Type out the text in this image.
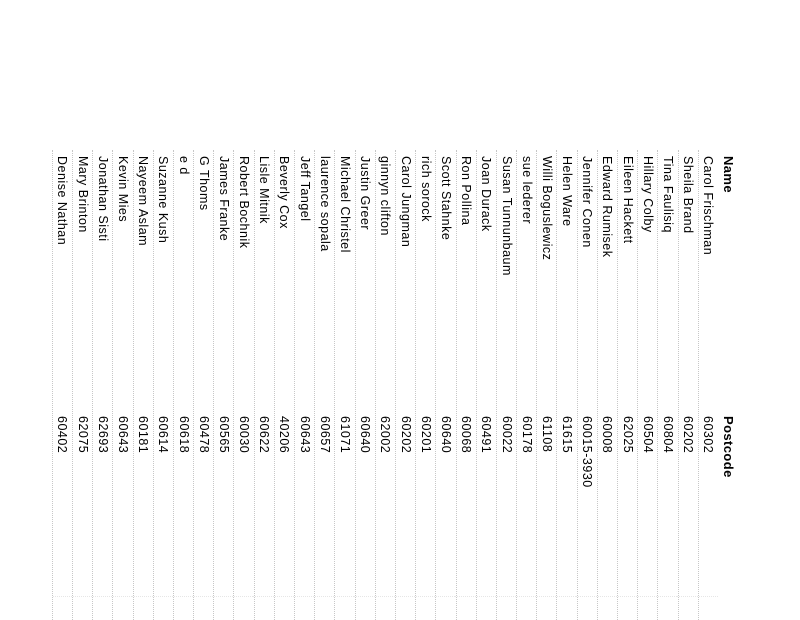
Name
Postcode
Carol Frischman
60302
Sheila Brand
60202
Tina Faulisiq
60804
Hillary Colby
60504
Eileen Hackett
62025
Edward Rumisek
60008
Jennifer Conen
60015-3930
Helen Ware
61615
Willi Boguslewicz
61108
sue lederer
60178
Susan Tunnunbaum
60022
Joan Durack
60491
Ron Pollina
60068
Scott Stahnke
60640
rich sorock
60201
Carol Jungman
60202
ginnyn clifton
62002
Justin Greer
60640
Michael Christel
61071
laurence sopala
60657
Jeff Tangel
60643
Beverly Cox
40206
Lisle Mitnik
60622
Robert Bochnik
60030
James Franke
60565
G Thoms
60478
e d
60618
Suzanne Kush
60614
Nayeem Aslam
60181
Kevin Mies
60643
Jonathan Sisti
62693
Mary Brinton
62075
Denise Nathan
60402
